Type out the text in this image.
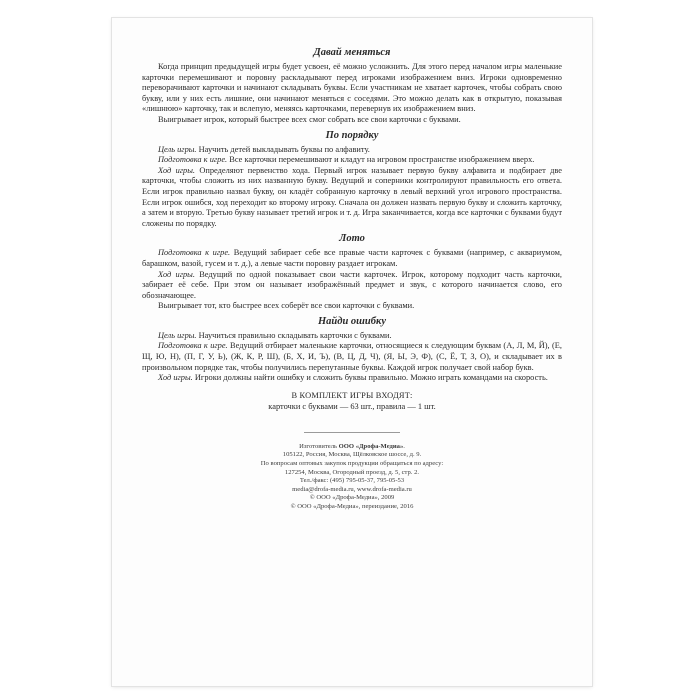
Давай меняться

Когда принцип предыдущей игры будет усвоен, её можно усложнить. Для этого перед началом игры маленькие карточки перемешивают и поровну раскладывают перед игроками изображением вниз. Игроки одновременно переворачивают карточки и начинают складывать буквы. Если участникам не хватает карточек, чтобы собрать свою букву, или у них есть лишние, они начинают меняться с соседями. Это можно делать как в открытую, показывая «лишнюю» карточку, так и вслепую, меняясь карточками, перевернув их изображением вниз.

Выигрывает игрок, который быстрее всех смог собрать все свои карточки с буквами.

По порядку

Цель игры. Научить детей выкладывать буквы по алфавиту.

Подготовка к игре. Все карточки перемешивают и кладут на игровом пространстве изображением вверх.

Ход игры. Определяют первенство хода. Первый игрок называет первую букву алфавита и подбирает две карточки, чтобы сложить из них названную букву. Ведущий и соперники контролируют правильность его ответа. Если игрок правильно назвал букву, он кладёт собранную карточку в левый верхний угол игрового пространства. Если игрок ошибся, ход переходит ко второму игроку. Сначала он должен назвать первую букву и сложить карточку, а затем и вторую. Третью букву называет третий игрок и т. д. Игра заканчивается, когда все карточки с буквами будут сложены по порядку.

Лото

Подготовка к игре. Ведущий забирает себе все правые части карточек с буквами (например, с аквариумом, барашком, вазой, гусем и т. д.), а левые части поровну раздает игрокам.

Ход игры. Ведущий по одной показывает свои части карточек. Игрок, которому подходит часть карточки, забирает её себе. При этом он называет изображённый предмет и звук, с которого начинается слово, его обозначающее.

Выигрывает тот, кто быстрее всех соберёт все свои карточки с буквами.

Найди ошибку

Цель игры. Научиться правильно складывать карточки с буквами.

Подготовка к игре. Ведущий отбирает маленькие карточки, относящиеся к следующим буквам (А, Л, М, Й), (Е, Щ, Ю, Н), (П, Г, У, Ь), (Ж, К, Р, Ш), (Б, Х, И, Ъ), (В, Ц, Д, Ч), (Я, Ы, Э, Ф), (С, Ё, Т, З, О), и складывает их в произвольном порядке так, чтобы получились перепутанные буквы. Каждой игрок получает свой набор букв.

Ход игры. Игроки должны найти ошибку и сложить буквы правильно. Можно играть командами на скорость.

В КОМПЛЕКТ ИГРЫ ВХОДЯТ:
карточки с буквами — 63 шт., правила — 1 шт.
Изготовитель ООО «Дрофа-Медиа».
105122, Россия, Москва, Щёлковское шоссе, д. 9.
По вопросам оптовых закупок продукции обращаться по адресу:
127254, Москва, Огородный проезд, д. 5, стр. 2.
Тел./факс: (495) 795-05-37, 795-05-53
media@drofa-media.ru, www.drofa-media.ru
© ООО «Дрофа-Медиа», 2009
© ООО «Дрофа-Медиа», переиздание, 2016
